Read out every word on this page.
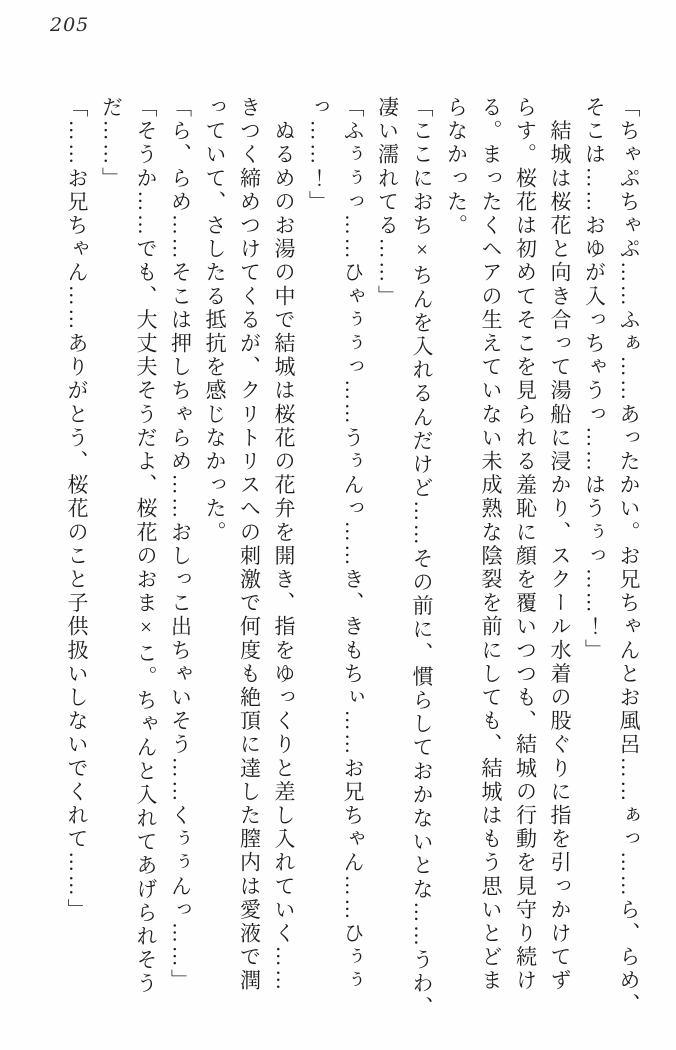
205

「ちゃぷちゃぷ……ふぁ……あったかい。お兄ちゃんとお風呂……ぁっ……ら、らめ、

そこは……おゆが入っちゃうっ……はうぅっ……！」

　結城は桜花と向き合って湯船に浸かり、スクール水着の股ぐりに指を引っかけてず

らす。桜花は初めてそこを見られる羞恥に顔を覆いつつも、結城の行動を見守り続け

る。まったくヘアの生えていない未成熟な陰裂を前にしても、結城はもう思いとどま

らなかった。

「ここにおち×ちんを入れるんだけど……その前に、慣らしておかないとな……うわ、

凄い濡れてる……」

「ふぅぅっ……ひゃぅぅっ……うぅんっ……き、きもちぃ……お兄ちゃん……ひぅぅ

っ……！」

　ぬるめのお湯の中で結城は桜花の花弁を開き、指をゆっくりと差し入れていく……

きつく締めつけてくるが、クリトリスへの刺激で何度も絶頂に達した膣内は愛液で潤

っていて、さしたる抵抗を感じなかった。

「ら、らめ……そこは押しちゃらめ……おしっこ出ちゃいそう……くぅぅんっ……」

「そうか……でも、大丈夫そうだよ、桜花のおま×こ。ちゃんと入れてあげられそう

だ……」

「……お兄ちゃん……ありがとう、桜花のこと子供扱いしないでくれて……」
